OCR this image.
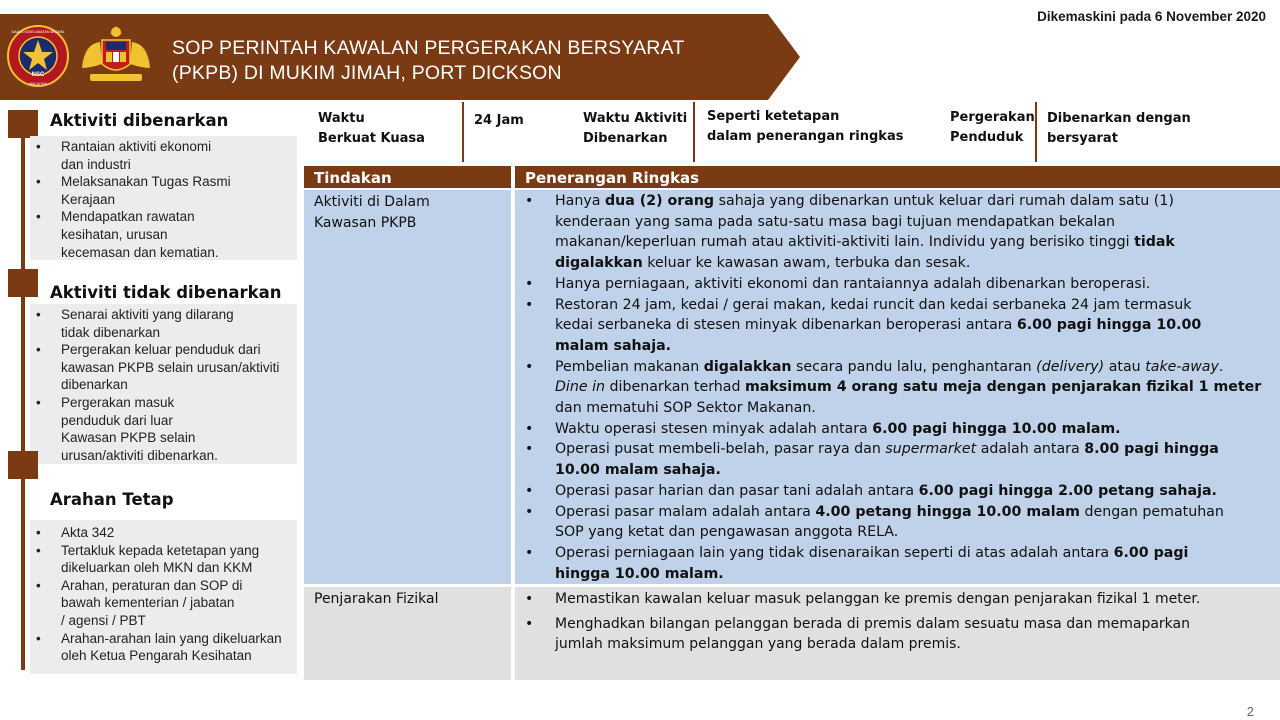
NSC
MAJLIS KESELAMATAN NEGARA
MALAYSIA
SOP PERINTAH KAWALAN PERGERAKAN BERSYARAT
(PKPB) DI MUKIM JIMAH, PORT DICKSON
Dikemaskini pada 6 November 2020
Aktiviti dibenarkan
• Rantaian aktiviti ekonomi
dan industri
• Melaksanakan Tugas Rasmi
Kerajaan
• Mendapatkan rawatan
kesihatan, urusan
kecemasan dan kematian.
Aktiviti tidak dibenarkan
• Senarai aktiviti yang dilarang
tidak dibenarkan
• Pergerakan keluar penduduk dari
kawasan PKPB selain urusan/aktiviti
dibenarkan
• Pergerakan masuk
penduduk dari luar
Kawasan PKPB selain
urusan/aktiviti dibenarkan.
Arahan Tetap
• Akta 342
• Tertakluk kepada ketetapan yang
dikeluarkan oleh MKN dan KKM
• Arahan, peraturan dan SOP di
bawah kementerian / jabatan
/ agensi / PBT
• Arahan-arahan lain yang dikeluarkan
oleh Ketua Pengarah Kesihatan
Waktu
Berkuat Kuasa
24 Jam	Waktu Aktiviti
Dibenarkan
Seperti ketetapan
dalam penerangan ringkas
Pergerakan
Penduduk
Dibenarkan dengan
bersyarat
Tindakan	Penerangan Ringkas
Aktiviti di Dalam
Kawasan PKPB
• Hanya dua (2) orang sahaja yang dibenarkan untuk keluar dari rumah dalam satu (1)
kenderaan yang sama pada satu-satu masa bagi tujuan mendapatkan bekalan
makanan/keperluan rumah atau aktiviti-aktiviti lain. Individu yang berisiko tinggi tidak
digalakkan keluar ke kawasan awam, terbuka dan sesak.
• Hanya perniagaan, aktiviti ekonomi dan rantaiannya adalah dibenarkan beroperasi.
• Restoran 24 jam, kedai / gerai makan, kedai runcit dan kedai serbaneka 24 jam termasuk
kedai serbaneka di stesen minyak dibenarkan beroperasi antara 6.00 pagi hingga 10.00
malam sahaja.
• Pembelian makanan digalakkan secara pandu lalu, penghantaran (delivery) atau take-away.
Dine in dibenarkan terhad maksimum 4 orang satu meja dengan penjarakan fizikal 1 meter
dan mematuhi SOP Sektor Makanan.
• Waktu operasi stesen minyak adalah antara 6.00 pagi hingga 10.00 malam.
• Operasi pusat membeli-belah, pasar raya dan supermarket adalah antara 8.00 pagi hingga
10.00 malam sahaja.
• Operasi pasar harian dan pasar tani adalah antara 6.00 pagi hingga 2.00 petang sahaja.
• Operasi pasar malam adalah antara 4.00 petang hingga 10.00 malam dengan pematuhan
SOP yang ketat dan pengawasan anggota RELA.
• Operasi perniagaan lain yang tidak disenaraikan seperti di atas adalah antara 6.00 pagi
hingga 10.00 malam.
Penjarakan Fizikal
•	Memastikan kawalan keluar masuk pelanggan ke premis dengan penjarakan fizikal 1 meter.
• Menghadkan bilangan pelanggan berada di premis dalam sesuatu masa dan memaparkan
jumlah maksimum pelanggan yang berada dalam premis.
2
